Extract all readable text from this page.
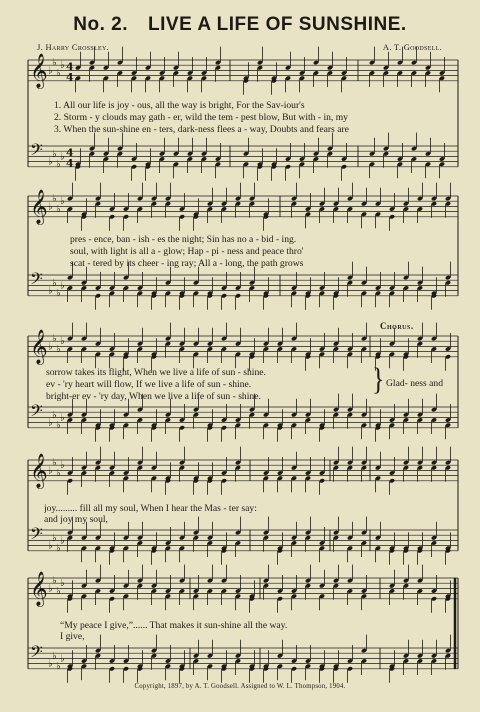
No. 2. LIVE A LIFE OF SUNSHINE.
J. Harry Crossley.	A. T. Goodsell.
𝄞 ♭
♭
♭
♭ 4
4
𝄢 ♭
♭
♭
♭ 4
4
𝄞 ♭
♭
♭
♭
𝄢 ♭
♭
♭
♭
𝄞 ♭
♭
♭
♭
𝄢 ♭
♭
♭
♭
𝄞 ♭
♭
♭
♭
𝄢 ♭
♭
♭
♭
𝄞 ♭
♭
♭
♭
𝄢 ♭
♭
♭
♭
1. All our life is joy - ous, all the way is bright, For the Sav-iour's
2. Storm - y clouds may gath - er, wild the tem - pest blow, But with - in, my
3. When the sun-shine en - ters, dark-ness flees a - way, Doubts and fears are
pres - ence, ban - ish - es the night; Sin has no a - bid - ing.
soul, with light is all a - glow; Hap - pi - ness and peace thro'
scat - tered by its cheer - ing ray; All a - long, the path grows
Chorus.
sorrow takes its flight, When we live a life of sun - shine.
ev - 'ry heart will flow, If we live a life of sun - shine.
bright-er ev - 'ry day, When we live a life of sun - shine.	} Glad- ness and
joy......... fill all my soul, When I hear the Mas - ter say:
and joy my soul,
“My peace I give,”...... That makes it sun-shine all the way.
I give,
Copyright, 1897, by A. T. Goodsell. Assigned to W. L. Thompson, 1904.
